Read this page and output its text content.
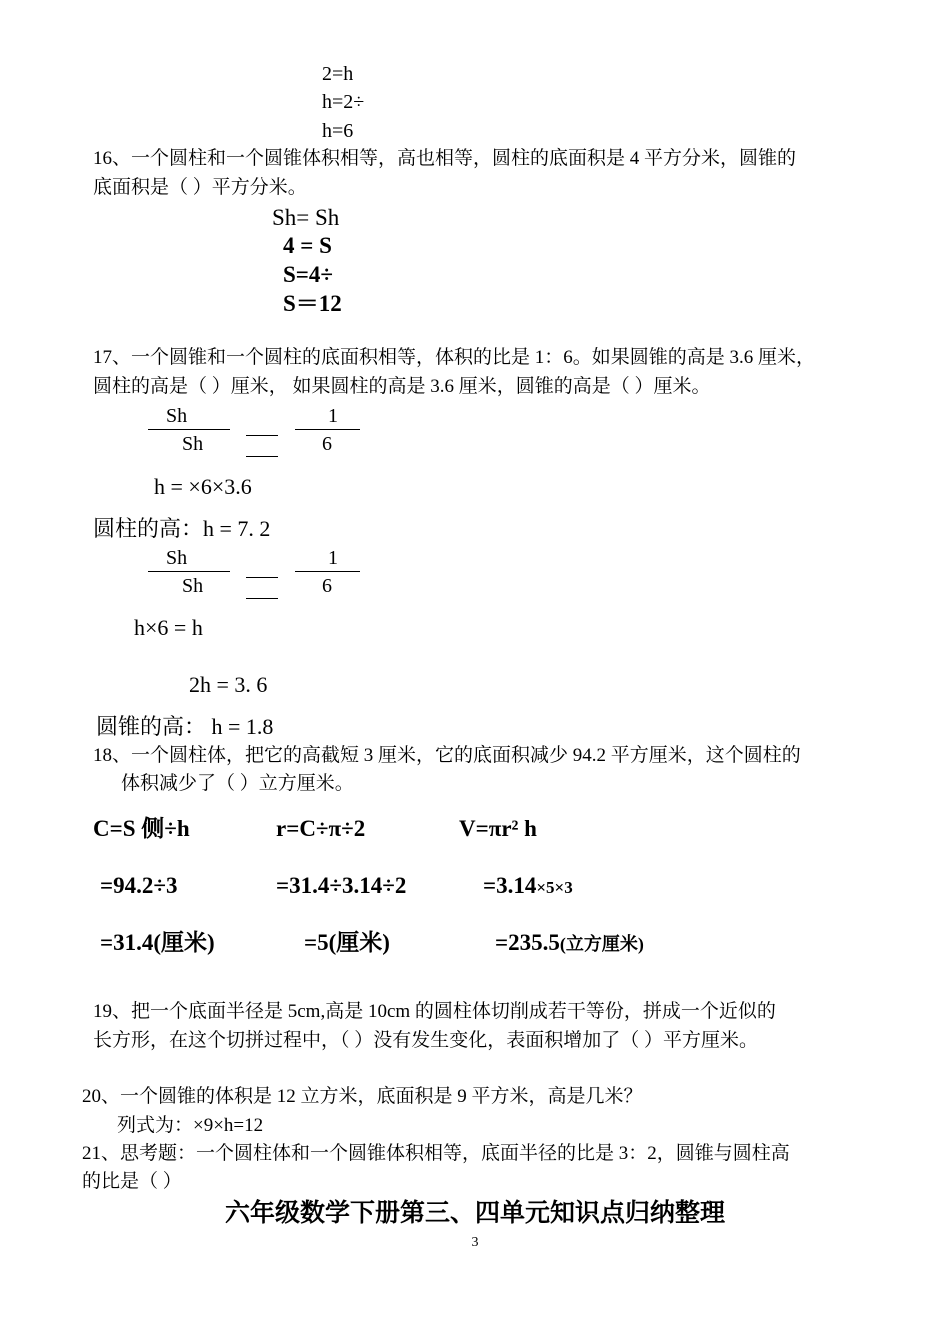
2=h
h=2÷
h=6
16、一个圆柱和一个圆锥体积相等，高也相等，圆柱的底面积是 4 平方分米，圆锥的
底面积是（ ）平方分米。
Sh= Sh
4 = S
S=4÷
S＝12
17、一个圆锥和一个圆柱的底面积相等，体积的比是 1：6。如果圆锥的高是 3.6 厘米，
圆柱的高是（ ）厘米， 如果圆柱的高是 3.6 厘米，圆锥的高是（ ）厘米。
Sh
Sh
1
6
h = ×6×3.6
圆柱的高：h = 7. 2
Sh
Sh
1
6
h×6 = h
2h = 3. 6
圆锥的高： h = 1.8
18、一个圆柱体，把它的高截短 3 厘米，它的底面积减少 94.2 平方厘米，这个圆柱的
体积减少了（ ）立方厘米。
C=S 侧÷h
=94.2÷3
=31.4(厘米)
r=C÷π÷2
=31.4÷3.14÷2
=5(厘米)
V=πr² h
=3.14×5×3
=235.5(立方厘米)
19、把一个底面半径是 5cm,高是 10cm 的圆柱体切削成若干等份，拼成一个近似的
长方形，在这个切拼过程中，（ ）没有发生变化，表面积增加了（ ）平方厘米。
20、一个圆锥的体积是 12 立方米，底面积是 9 平方米，高是几米？
列式为：×9×h=12
21、思考题：一个圆柱体和一个圆锥体积相等，底面半径的比是 3：2，圆锥与圆柱高
的比是（ ）
六年级数学下册第三、四单元知识点归纳整理
3
